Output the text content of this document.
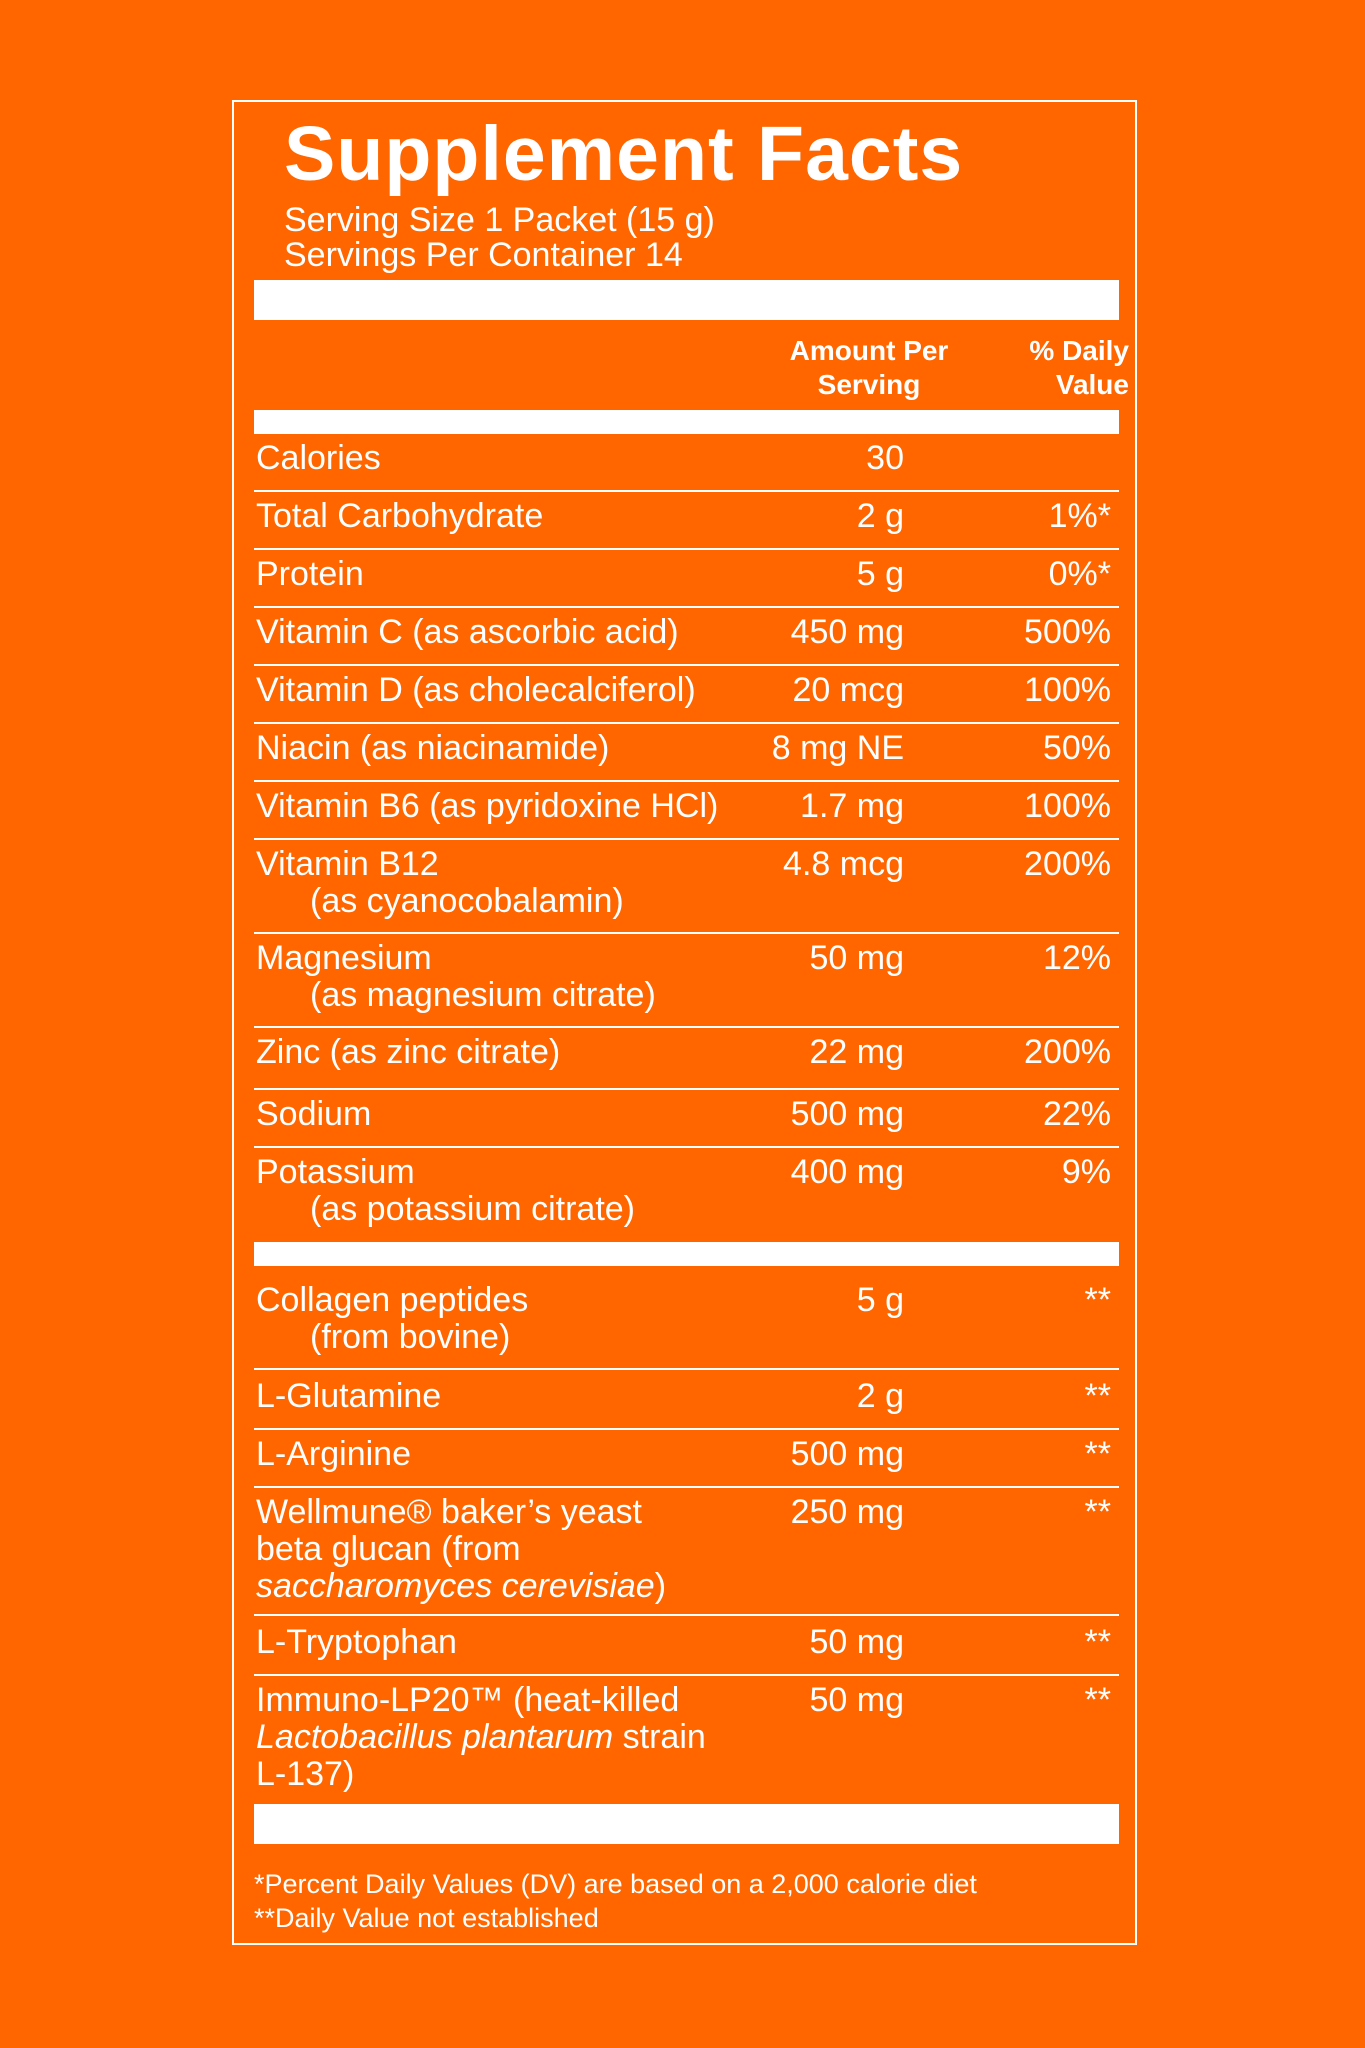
Supplement Facts
Serving Size 1 Packet (15 g)
Servings Per Container 14
Amount Per
Serving
% Daily
Value
Calories	30
Total Carbohydrate	2 g	1%*
Protein	5 g	0%*
Vitamin C (as ascorbic acid)	450 mg	500%
Vitamin D (as cholecalciferol)	20 mcg	100%
Niacin (as niacinamide)	8 mg NE	50%
Vitamin B6 (as pyridoxine HCl)	1.7 mg	100%
Vitamin B12
(as cyanocobalamin)
4.8 mcg	200%
Magnesium
(as magnesium citrate)
50 mg	12%
Zinc (as zinc citrate)	22 mg	200%
Sodium	500 mg	22%
Potassium
(as potassium citrate)
400 mg	9%
Collagen peptides
(from bovine)
5 g	**
L-Glutamine	2 g	**
L-Arginine	500 mg	**
Wellmune® baker’s yeast
beta glucan (from
saccharomyces cerevisiae)
250 mg	**
L-Tryptophan	50 mg	**
Immuno-LP20™ (heat-killed
Lactobacillus plantarum strain
L-137)
50 mg	**
*Percent Daily Values (DV) are based on a 2,000 calorie diet
**Daily Value not established
